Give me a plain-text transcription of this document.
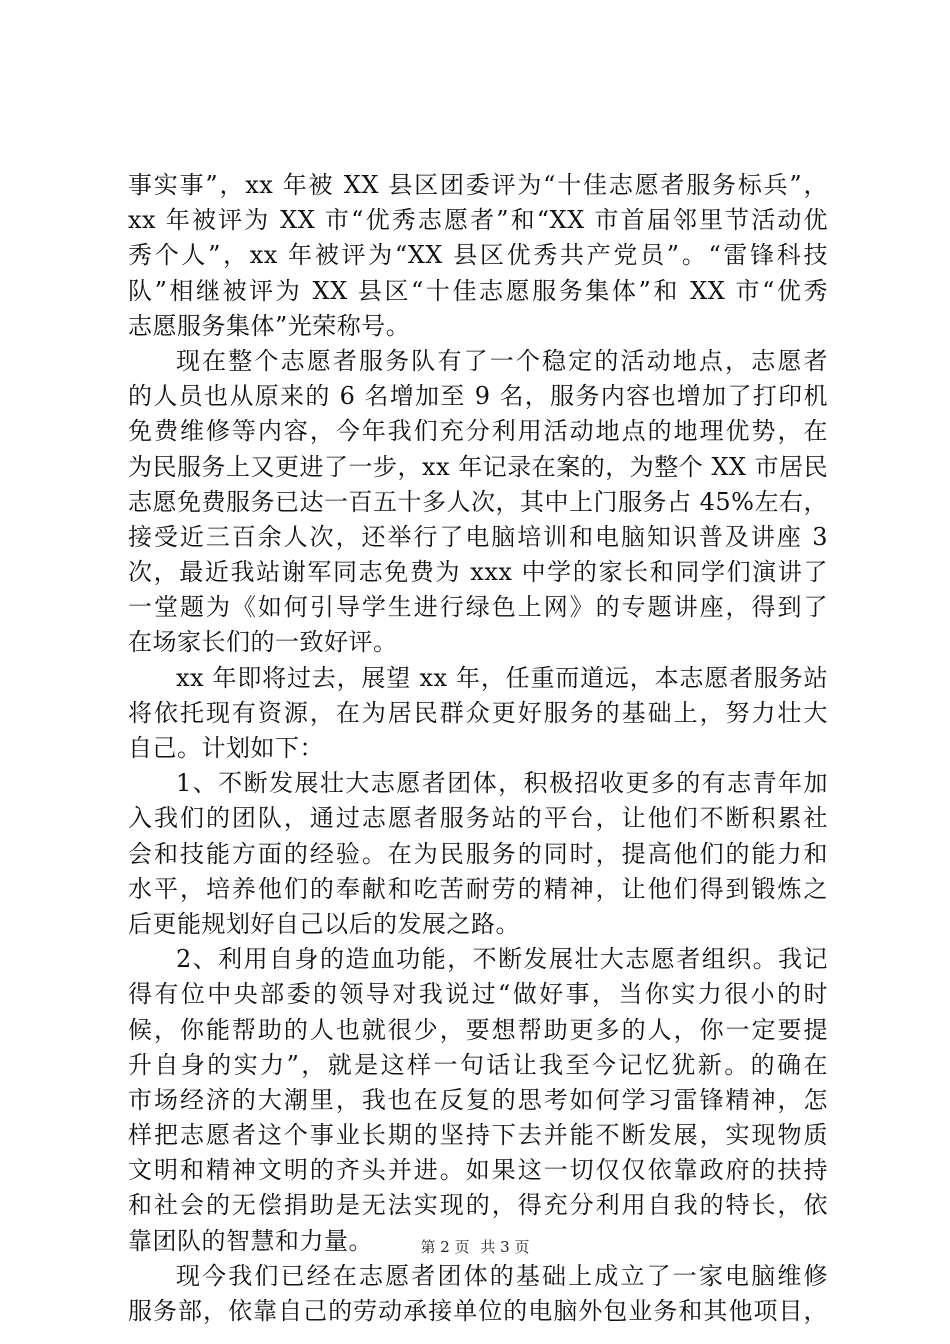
事实事”，xx 年被 XX 县区团委评为“十佳志愿者服务标兵”，
xx 年被评为 XX 市“优秀志愿者”和“XX 市首届邻里节活动优
秀个人”，xx 年被评为“XX 县区优秀共产党员”。“雷锋科技
队”相继被评为 XX 县区“十佳志愿服务集体”和 XX 市“优秀
志愿服务集体”光荣称号。
现在整个志愿者服务队有了一个稳定的活动地点，志愿者
的人员也从原来的 6 名增加至 9 名，服务内容也增加了打印机
免费维修等内容，今年我们充分利用活动地点的地理优势，在
为民服务上又更进了一步，xx 年记录在案的，为整个 XX 市居民
志愿免费服务已达一百五十多人次，其中上门服务占 45%左右，
接受近三百余人次，还举行了电脑培训和电脑知识普及讲座 3
次，最近我站谢军同志免费为 xxx 中学的家长和同学们演讲了
一堂题为《如何引导学生进行绿色上网》的专题讲座，得到了
在场家长们的一致好评。
xx 年即将过去，展望 xx 年，任重而道远，本志愿者服务站
将依托现有资源，在为居民群众更好服务的基础上，努力壮大
自己。计划如下：
1、不断发展壮大志愿者团体，积极招收更多的有志青年加
入我们的团队，通过志愿者服务站的平台，让他们不断积累社
会和技能方面的经验。在为民服务的同时，提高他们的能力和
水平，培养他们的奉献和吃苦耐劳的精神，让他们得到锻炼之
后更能规划好自己以后的发展之路。
2、利用自身的造血功能，不断发展壮大志愿者组织。我记
得有位中央部委的领导对我说过“做好事，当你实力很小的时
候，你能帮助的人也就很少，要想帮助更多的人，你一定要提
升自身的实力”，就是这样一句话让我至今记忆犹新。的确在
市场经济的大潮里，我也在反复的思考如何学习雷锋精神，怎
样把志愿者这个事业长期的坚持下去并能不断发展，实现物质
文明和精神文明的齐头并进。如果这一切仅仅依靠政府的扶持
和社会的无偿捐助是无法实现的，得充分利用自我的特长，依
靠团队的智慧和力量。
现今我们已经在志愿者团体的基础上成立了一家电脑维修
服务部，依靠自己的劳动承接单位的电脑外包业务和其他项目，
第 2 页 共 3 页
